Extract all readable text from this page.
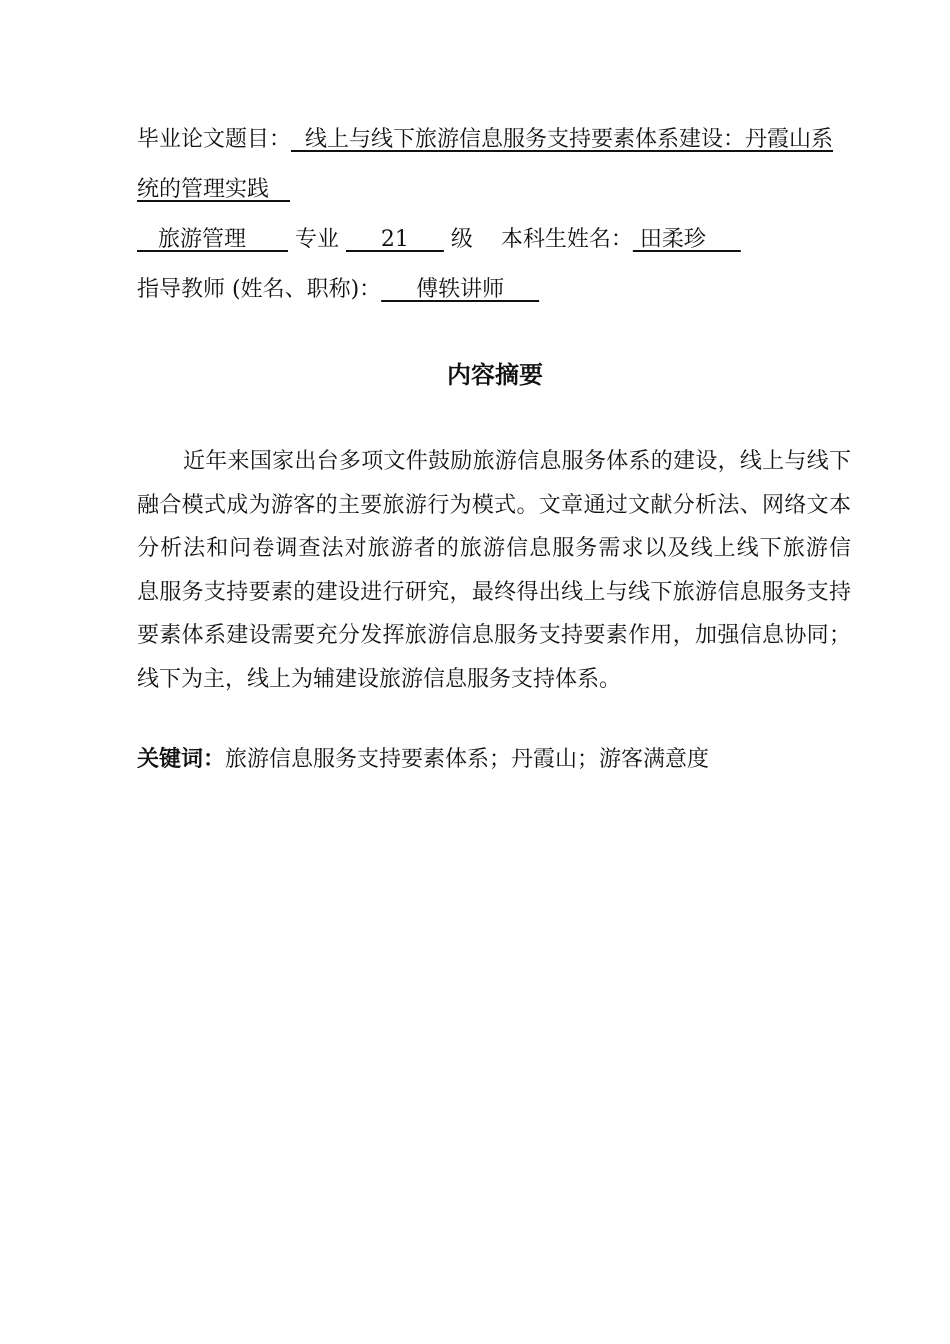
毕业论文题目：  线上与线下旅游信息服务支持要素体系建设：丹霞山系
统的管理实践
旅游管理       专业      21      级    本科生姓名： 田柔珍
指导教师 (姓名、职称)：     傅轶讲师
内容摘要
近年来国家出台多项文件鼓励旅游信息服务体系的建设，线上与线下
融合模式成为游客的主要旅游行为模式。文章通过文献分析法、网络文本
分析法和问卷调查法对旅游者的旅游信息服务需求以及线上线下旅游信
息服务支持要素的建设进行研究，最终得出线上与线下旅游信息服务支持
要素体系建设需要充分发挥旅游信息服务支持要素作用，加强信息协同；
线下为主，线上为辅建设旅游信息服务支持体系。
关键词：旅游信息服务支持要素体系；丹霞山；游客满意度
